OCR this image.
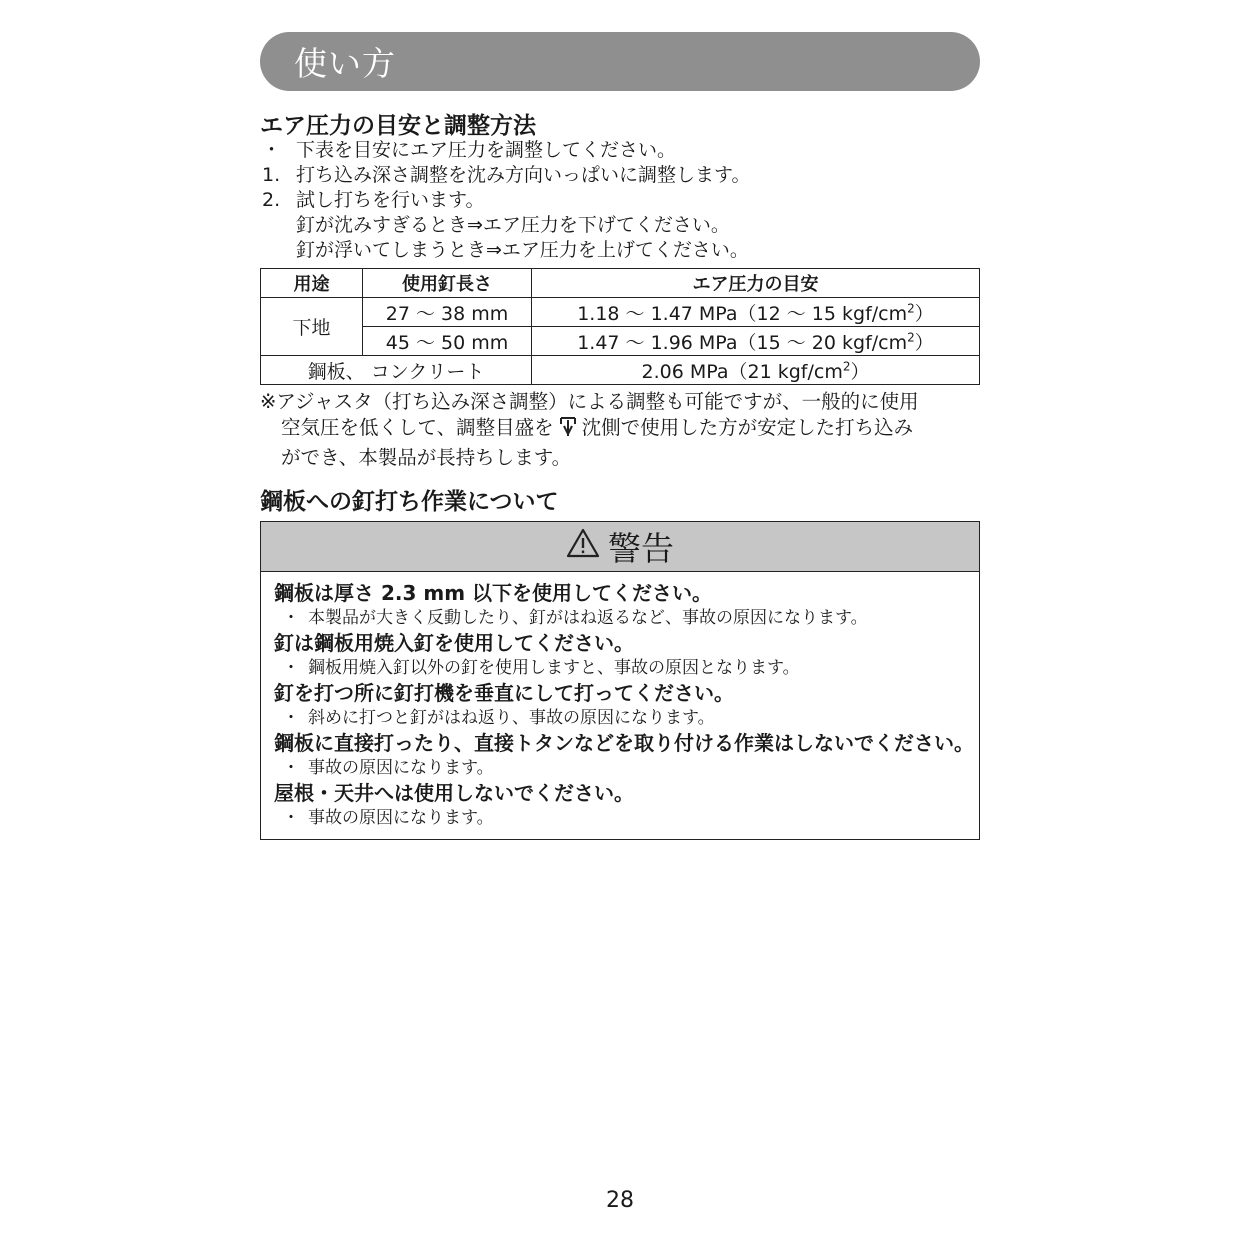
使い方
エア圧力の目安と調整方法
・ 下表を目安にエア圧力を調整してください。
1. 打ち込み深さ調整を沈み方向いっぱいに調整します。
2. 試し打ちを行います。
釘が沈みすぎるとき⇒エア圧力を下げてください。
釘が浮いてしまうとき⇒エア圧力を上げてください。
用途	使用釘長さ	エア圧力の目安
下地	27 ～ 38 mm	1.18 ～ 1.47 MPa（12 ～ 15 kgf/$cm^2$）
	45 ～ 50 mm	1.47 ～ 1.96 MPa（15 ～ 20 kgf/$cm^2$）
鋼板、 コンクリート		2.06 MPa（21 kgf/$cm^2$）
※アジャスタ（打ち込み深さ調整）による調整も可能ですが、一般的に使用
空気圧を低くして、調整目盛を 沈側で使用した方が安定した打ち込み
ができ、本製品が長持ちします。
鋼板への釘打ち作業について
警告
鋼板は厚さ 2.3 mm 以下を使用してください。
・ 本製品が大きく反動したり、釘がはね返るなど、事故の原因になります。
釘は鋼板用焼入釘を使用してください。
・ 鋼板用焼入釘以外の釘を使用しますと、事故の原因となります。
釘を打つ所に釘打機を垂直にして打ってください。
・ 斜めに打つと釘がはね返り、事故の原因になります。
鋼板に直接打ったり、直接トタンなどを取り付ける作業はしないでください。
・ 事故の原因になります。
屋根・天井へは使用しないでください。
・ 事故の原因になります。
28
